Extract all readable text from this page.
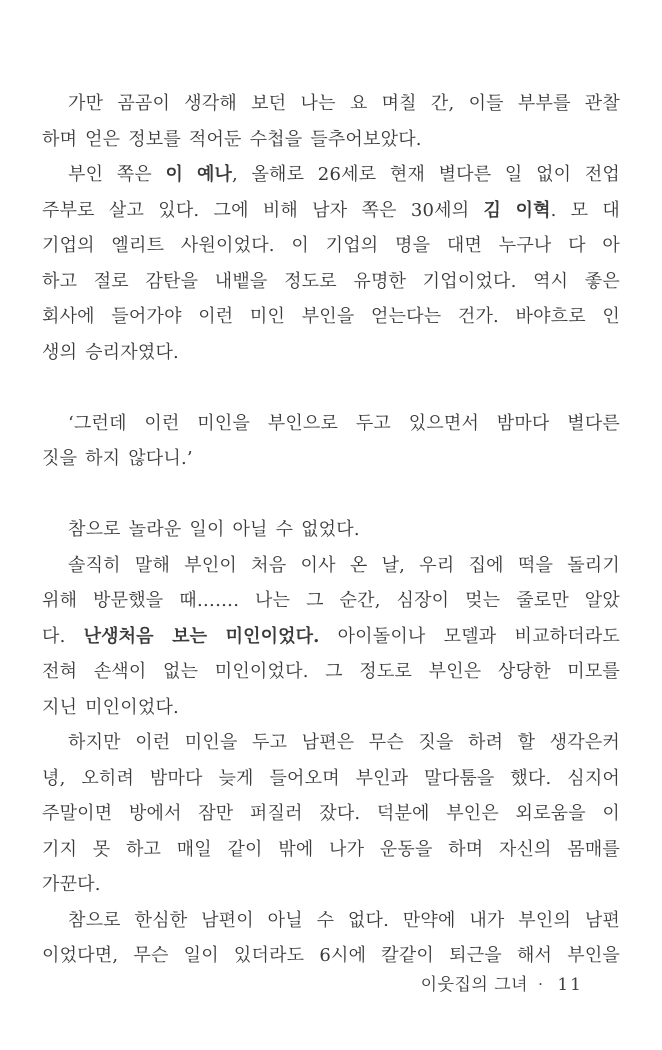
가만 곰곰이 생각해 보던 나는 요 며칠 간, 이들 부부를 관찰
하며 얻은 정보를 적어둔 수첩을 들추어보았다.
부인 쪽은 이 예나, 올해로 26세로 현재 별다른 일 없이 전업
주부로 살고 있다. 그에 비해 남자 쪽은 30세의 김 이혁. 모 대
기업의 엘리트 사원이었다. 이 기업의 명을 대면 누구나 다 아
하고 절로 감탄을 내뱉을 정도로 유명한 기업이었다. 역시 좋은
회사에 들어가야 이런 미인 부인을 얻는다는 건가. 바야흐로 인
생의 승리자였다.
‘그런데 이런 미인을 부인으로 두고 있으면서 밤마다 별다른
짓을 하지 않다니.’
참으로 놀라운 일이 아닐 수 없었다.
솔직히 말해 부인이 처음 이사 온 날, 우리 집에 떡을 돌리기
위해 방문했을 때……. 나는 그 순간, 심장이 멎는 줄로만 알았
다. 난생처음 보는 미인이었다. 아이돌이나 모델과 비교하더라도
전혀 손색이 없는 미인이었다. 그 정도로 부인은 상당한 미모를
지닌 미인이었다.
하지만 이런 미인을 두고 남편은 무슨 짓을 하려 할 생각은커
녕, 오히려 밤마다 늦게 들어오며 부인과 말다툼을 했다. 심지어
주말이면 방에서 잠만 퍼질러 잤다. 덕분에 부인은 외로움을 이
기지 못 하고 매일 같이 밖에 나가 운동을 하며 자신의 몸매를
가꾼다.
참으로 한심한 남편이 아닐 수 없다. 만약에 내가 부인의 남편
이었다면, 무슨 일이 있더라도 6시에 칼같이 퇴근을 해서 부인을
이웃집의 그녀 · 11
